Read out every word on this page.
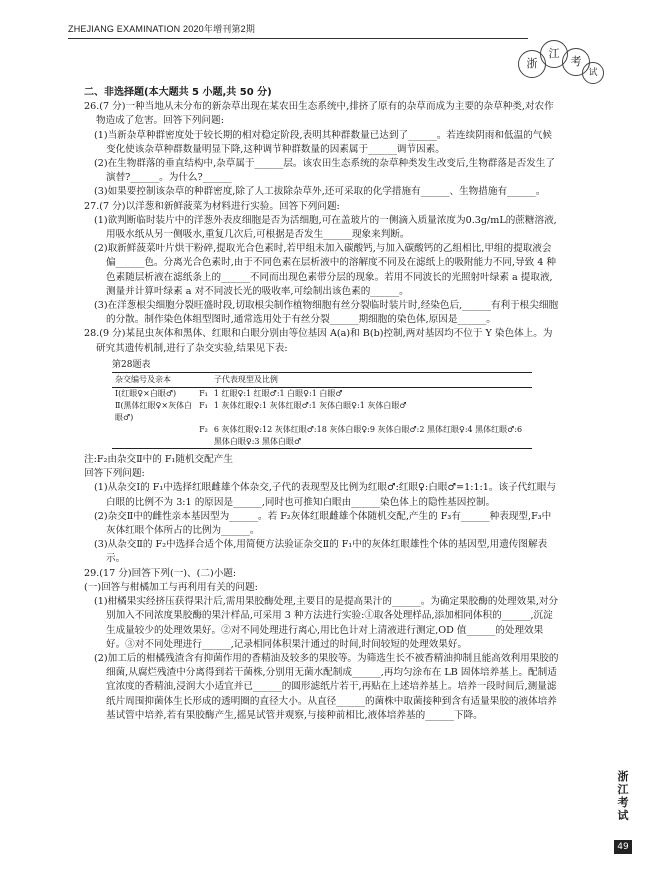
ZHEJIANG EXAMINATION 2020年增刊第2期
浙
江
考
试

二、非选择题(本大题共 5 小题,共 50 分)

26.(7 分)一种当地从未分布的新杂草出现在某农田生态系统中,排挤了原有的杂草而成为主要的杂草种类,对农作物造成了危害。回答下列问题:

(1)当新杂草种群密度处于较长期的相对稳定阶段,表明其种群数量已达到了______。若连续阴雨和低温的气候变化使该杂草种群数量明显下降,这种调节种群数量的因素属于______调节因素。

(2)在生物群落的垂直结构中,杂草属于______层。该农田生态系统的杂草种类发生改变后,生物群落是否发生了演替?______。为什么?______

(3)如果要控制该杂草的种群密度,除了人工拔除杂草外,还可采取的化学措施有______、生物措施有______。

27.(7 分)以洋葱和新鲜菠菜为材料进行实验。回答下列问题:

(1)欲判断临时装片中的洋葱外表皮细胞是否为活细胞,可在盖玻片的一侧滴入质量浓度为0.3g/mL的蔗糖溶液,用吸水纸从另一侧吸水,重复几次后,可根据是否发生______现象来判断。

(2)取新鲜菠菜叶片烘干粉碎,提取光合色素时,若甲组未加入碳酸钙,与加入碳酸钙的乙组相比,甲组的提取液会偏______色。分离光合色素时,由于不同色素在层析液中的溶解度不同及在滤纸上的吸附能力不同,导致 4 种色素随层析液在滤纸条上的______不同而出现色素带分层的现象。若用不同波长的光照射叶绿素 a 提取液,测量并计算叶绿素 a 对不同波长光的吸收率,可绘制出该色素的______。

(3)在洋葱根尖细胞分裂旺盛时段,切取根尖制作植物细胞有丝分裂临时装片时,经染色后,______有利于根尖细胞的分散。制作染色体组型图时,通常选用处于有丝分裂______期细胞的染色体,原因是______。

28.(9 分)某昆虫灰体和黑体、红眼和白眼分别由等位基因 A(a)和 B(b)控制,两对基因均不位于 Y 染色体上。为研究其遗传机制,进行了杂交实验,结果见下表:

第28题表
杂交编号及亲本		子代表现型及比例
Ⅰ(红眼♀×白眼♂)	F₁	1 红眼♀:1 红眼♂:1 白眼♀:1 白眼♂
Ⅱ(黑体红眼♀×灰体白眼♂)	F₁	1 灰体红眼♀:1 灰体红眼♂:1 灰体白眼♀:1 灰体白眼♂
	F₂	6 灰体红眼♀:12 灰体红眼♂:18 灰体白眼♀:9 灰体白眼♂:2 黑体红眼♀:4 黑体红眼♂:6 黑体白眼♀:3 黑体白眼♂

注:F₂由杂交Ⅱ中的 F₁随机交配产生

回答下列问题:

(1)从杂交Ⅰ的 F₁中选择红眼雌雄个体杂交,子代的表现型及比例为红眼♂:红眼♀:白眼♂=1:1:1。该子代红眼与白眼的比例不为 3:1 的原因是______,同时也可推知白眼由______染色体上的隐性基因控制。

(2)杂交Ⅱ中的雌性亲本基因型为______。若 F₂灰体红眼雌雄个体随机交配,产生的 F₃有______种表现型,F₃中灰体红眼个体所占的比例为______。

(3)从杂交Ⅱ的 F₂中选择合适个体,用简便方法验证杂交Ⅱ的 F₁中的灰体红眼雄性个体的基因型,用遗传图解表示。

29.(17 分)回答下列(一)、(二)小题:

(一)回答与柑橘加工与再利用有关的问题:

(1)柑橘果实经挤压获得果汁后,需用果胶酶处理,主要目的是提高果汁的______。为确定果胶酶的处理效果,对分别加入不同浓度果胶酶的果汁样品,可采用 3 种方法进行实验:①取各处理样品,添加相同体积的______,沉淀生成量较少的处理效果好。②对不同处理进行离心,用比色计对上清液进行测定,OD 值______的处理效果好。③对不同处理进行______,记录相同体积果汁通过的时间,时间较短的处理效果好。

(2)加工后的柑橘残渣含有抑菌作用的香精油及较多的果胶等。为筛选生长不被香精油抑制且能高效利用果胶的细菌,从腐烂残渣中分离得到若干菌株,分别用无菌水配制成______,再均匀涂布在 LB 固体培养基上。配制适宜浓度的香精油,浸润大小适宜并已______的圆形滤纸片若干,再贴在上述培养基上。培养一段时间后,测量滤纸片周围抑菌体生长形成的透明圈的直径大小。从直径______的菌株中取菌接种到含有适量果胶的液体培养基试管中培养,若有果胶酶产生,摇晃试管并观察,与接种前相比,液体培养基的______下降。

浙江考试
49
